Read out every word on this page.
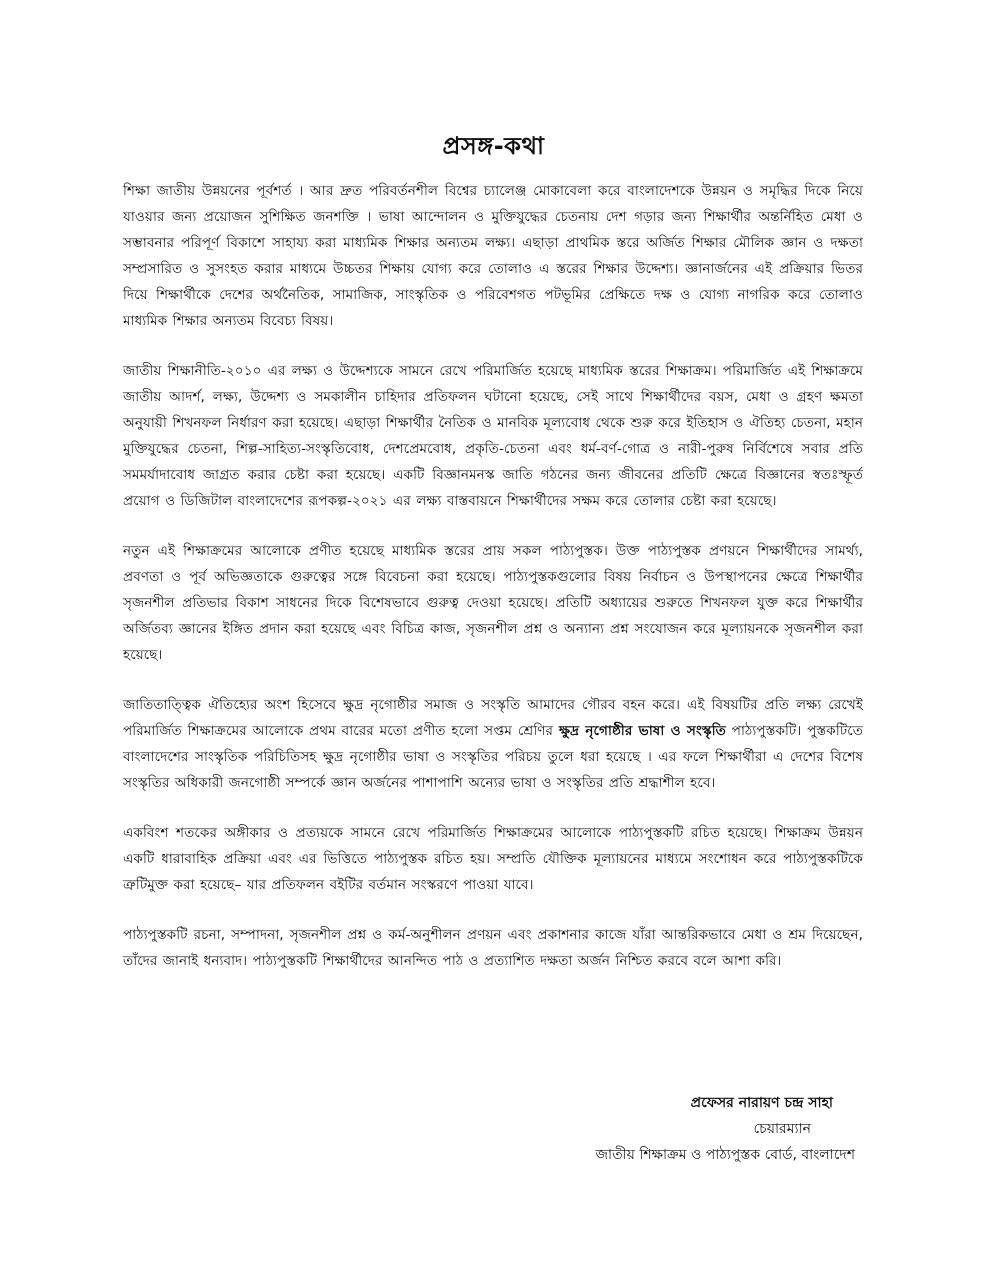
প্রসঙ্গ-কথা

শিক্ষা জাতীয় উন্নয়নের পূর্বশর্ত । আর দ্রুত পরিবর্তনশীল বিশ্বের চ্যালেঞ্জ মোকাবেলা করে বাংলাদেশকে উন্নয়ন ও সমৃদ্ধির দিকে নিয়ে যাওয়ার জন্য প্রয়োজন সুশিক্ষিত জনশক্তি । ভাষা আন্দোলন ও মুক্তিযুদ্ধের চেতনায় দেশ গড়ার জন্য শিক্ষার্থীর অন্তর্নিহিত মেধা ও সম্ভাবনার পরিপূর্ণ বিকাশে সাহায্য করা মাধ্যমিক শিক্ষার অন্যতম লক্ষ্য। এছাড়া প্রাথমিক স্তরে অর্জিত শিক্ষার মৌলিক জ্ঞান ও দক্ষতা সম্প্রসারিত ও সুসংহত করার মাধ্যমে উচ্চতর শিক্ষায় যোগ্য করে তোলাও এ স্তরের শিক্ষার উদ্দেশ্য। জ্ঞানার্জনের এই প্রক্রিয়ার ভিতর দিয়ে শিক্ষার্থীকে দেশের অর্থনৈতিক, সামাজিক, সাংস্কৃতিক ও পরিবেশগত পটভূমির প্রেক্ষিতে দক্ষ ও যোগ্য নাগরিক করে তোলাও মাধ্যমিক শিক্ষার অন্যতম বিবেচ্য বিষয়।

জাতীয় শিক্ষানীতি-২০১০ এর লক্ষ্য ও উদ্দেশ্যকে সামনে রেখে পরিমার্জিত হয়েছে মাধ্যমিক স্তরের শিক্ষাক্রম। পরিমার্জিত এই শিক্ষাক্রমে জাতীয় আদর্শ, লক্ষ্য, উদ্দেশ্য ও সমকালীন চাহিদার প্রতিফলন ঘটানো হয়েছে, সেই সাথে শিক্ষার্থীদের বয়স, মেধা ও গ্রহণ ক্ষমতা অনুযায়ী শিখনফল নির্ধারণ করা হয়েছে। এছাড়া শিক্ষার্থীর নৈতিক ও মানবিক মূল্যবোধ থেকে শুরু করে ইতিহাস ও ঐতিহ্য চেতনা, মহান মুক্তিযুদ্ধের চেতনা, শিল্প-সাহিত্য-সংস্কৃতিবোধ, দেশপ্রেমবোধ, প্রকৃতি-চেতনা এবং ধর্ম-বর্ণ-গোত্র ও নারী-পুরুষ নির্বিশেষে সবার প্রতি সমমর্যাদাবোধ জাগ্রত করার চেষ্টা করা হয়েছে। একটি বিজ্ঞানমনস্ক জাতি গঠনের জন্য জীবনের প্রতিটি ক্ষেত্রে বিজ্ঞানের স্বতঃস্ফূর্ত প্রয়োগ ও ডিজিটাল বাংলাদেশের রূপকল্প-২০২১ এর লক্ষ্য বাস্তবায়নে শিক্ষার্থীদের সক্ষম করে তোলার চেষ্টা করা হয়েছে।

নতুন এই শিক্ষাক্রমের আলোকে প্রণীত হয়েছে মাধ্যমিক স্তরের প্রায় সকল পাঠ্যপুস্তক। উক্ত পাঠ্যপুস্তক প্রণয়নে শিক্ষার্থীদের সামর্থ্য, প্রবণতা ও পূর্ব অভিজ্ঞতাকে গুরুত্বের সঙ্গে বিবেচনা করা হয়েছে। পাঠ্যপুস্তকগুলোর বিষয় নির্বাচন ও উপস্থাপনের ক্ষেত্রে শিক্ষার্থীর সৃজনশীল প্রতিভার বিকাশ সাধনের দিকে বিশেষভাবে গুরুত্ব দেওয়া হয়েছে। প্রতিটি অধ্যায়ের শুরুতে শিখনফল যুক্ত করে শিক্ষার্থীর অর্জিতব্য জ্ঞানের ইঙ্গিত প্রদান করা হয়েছে এবং বিচিত্র কাজ, সৃজনশীল প্রশ্ন ও অন্যান্য প্রশ্ন সংযোজন করে মূল্যায়নকে সৃজনশীল করা হয়েছে।

জাতিতাত্ত্বিক ঐতিহ্যের অংশ হিসেবে ক্ষুদ্র নৃগোষ্ঠীর সমাজ ও সংস্কৃতি আমাদের গৌরব বহন করে। এই বিষয়টির প্রতি লক্ষ্য রেখেই পরিমার্জিত শিক্ষাক্রমের আলোকে প্রথম বারের মতো প্রণীত হলো সপ্তম শ্রেণির ক্ষুদ্র নৃগোষ্ঠীর ভাষা ও সংস্কৃতি পাঠ্যপুস্তকটি। পুস্তকটিতে বাংলাদেশের সাংস্কৃতিক পরিচিতিসহ ক্ষুদ্র নৃগোষ্ঠীর ভাষা ও সংস্কৃতির পরিচয় তুলে ধরা হয়েছে । এর ফলে শিক্ষার্থীরা এ দেশের বিশেষ সংস্কৃতির অধিকারী জনগোষ্ঠী সম্পর্কে জ্ঞান অর্জনের পাশাপাশি অন্যের ভাষা ও সংস্কৃতির প্রতি শ্রদ্ধাশীল হবে।

একবিংশ শতকের অঙ্গীকার ও প্রত্যয়কে সামনে রেখে পরিমার্জিত শিক্ষাক্রমের আলোকে পাঠ্যপুস্তকটি রচিত হয়েছে। শিক্ষাক্রম উন্নয়ন একটি ধারাবাহিক প্রক্রিয়া এবং এর ভিত্তিতে পাঠ্যপুস্তক রচিত হয়। সম্প্রতি যৌক্তিক মূল্যায়নের মাধ্যমে সংশোধন করে পাঠ্যপুস্তকটিকে ত্রুটিমুক্ত করা হয়েছে– যার প্রতিফলন বইটির বর্তমান সংস্করণে পাওয়া যাবে।

পাঠ্যপুস্তকটি রচনা, সম্পাদনা, সৃজনশীল প্রশ্ন ও কর্ম-অনুশীলন প্রণয়ন এবং প্রকাশনার কাজে যাঁরা আন্তরিকভাবে মেধা ও শ্রম দিয়েছেন, তাঁদের জানাই ধন্যবাদ। পাঠ্যপুস্তকটি শিক্ষার্থীদের আনন্দিত পাঠ ও প্রত্যাশিত দক্ষতা অর্জন নিশ্চিত করবে বলে আশা করি।

প্রফেসর নারায়ণ চন্দ্র সাহা
চেয়ারম্যান
জাতীয় শিক্ষাক্রম ও পাঠ্যপুস্তক বোর্ড, বাংলাদেশ
